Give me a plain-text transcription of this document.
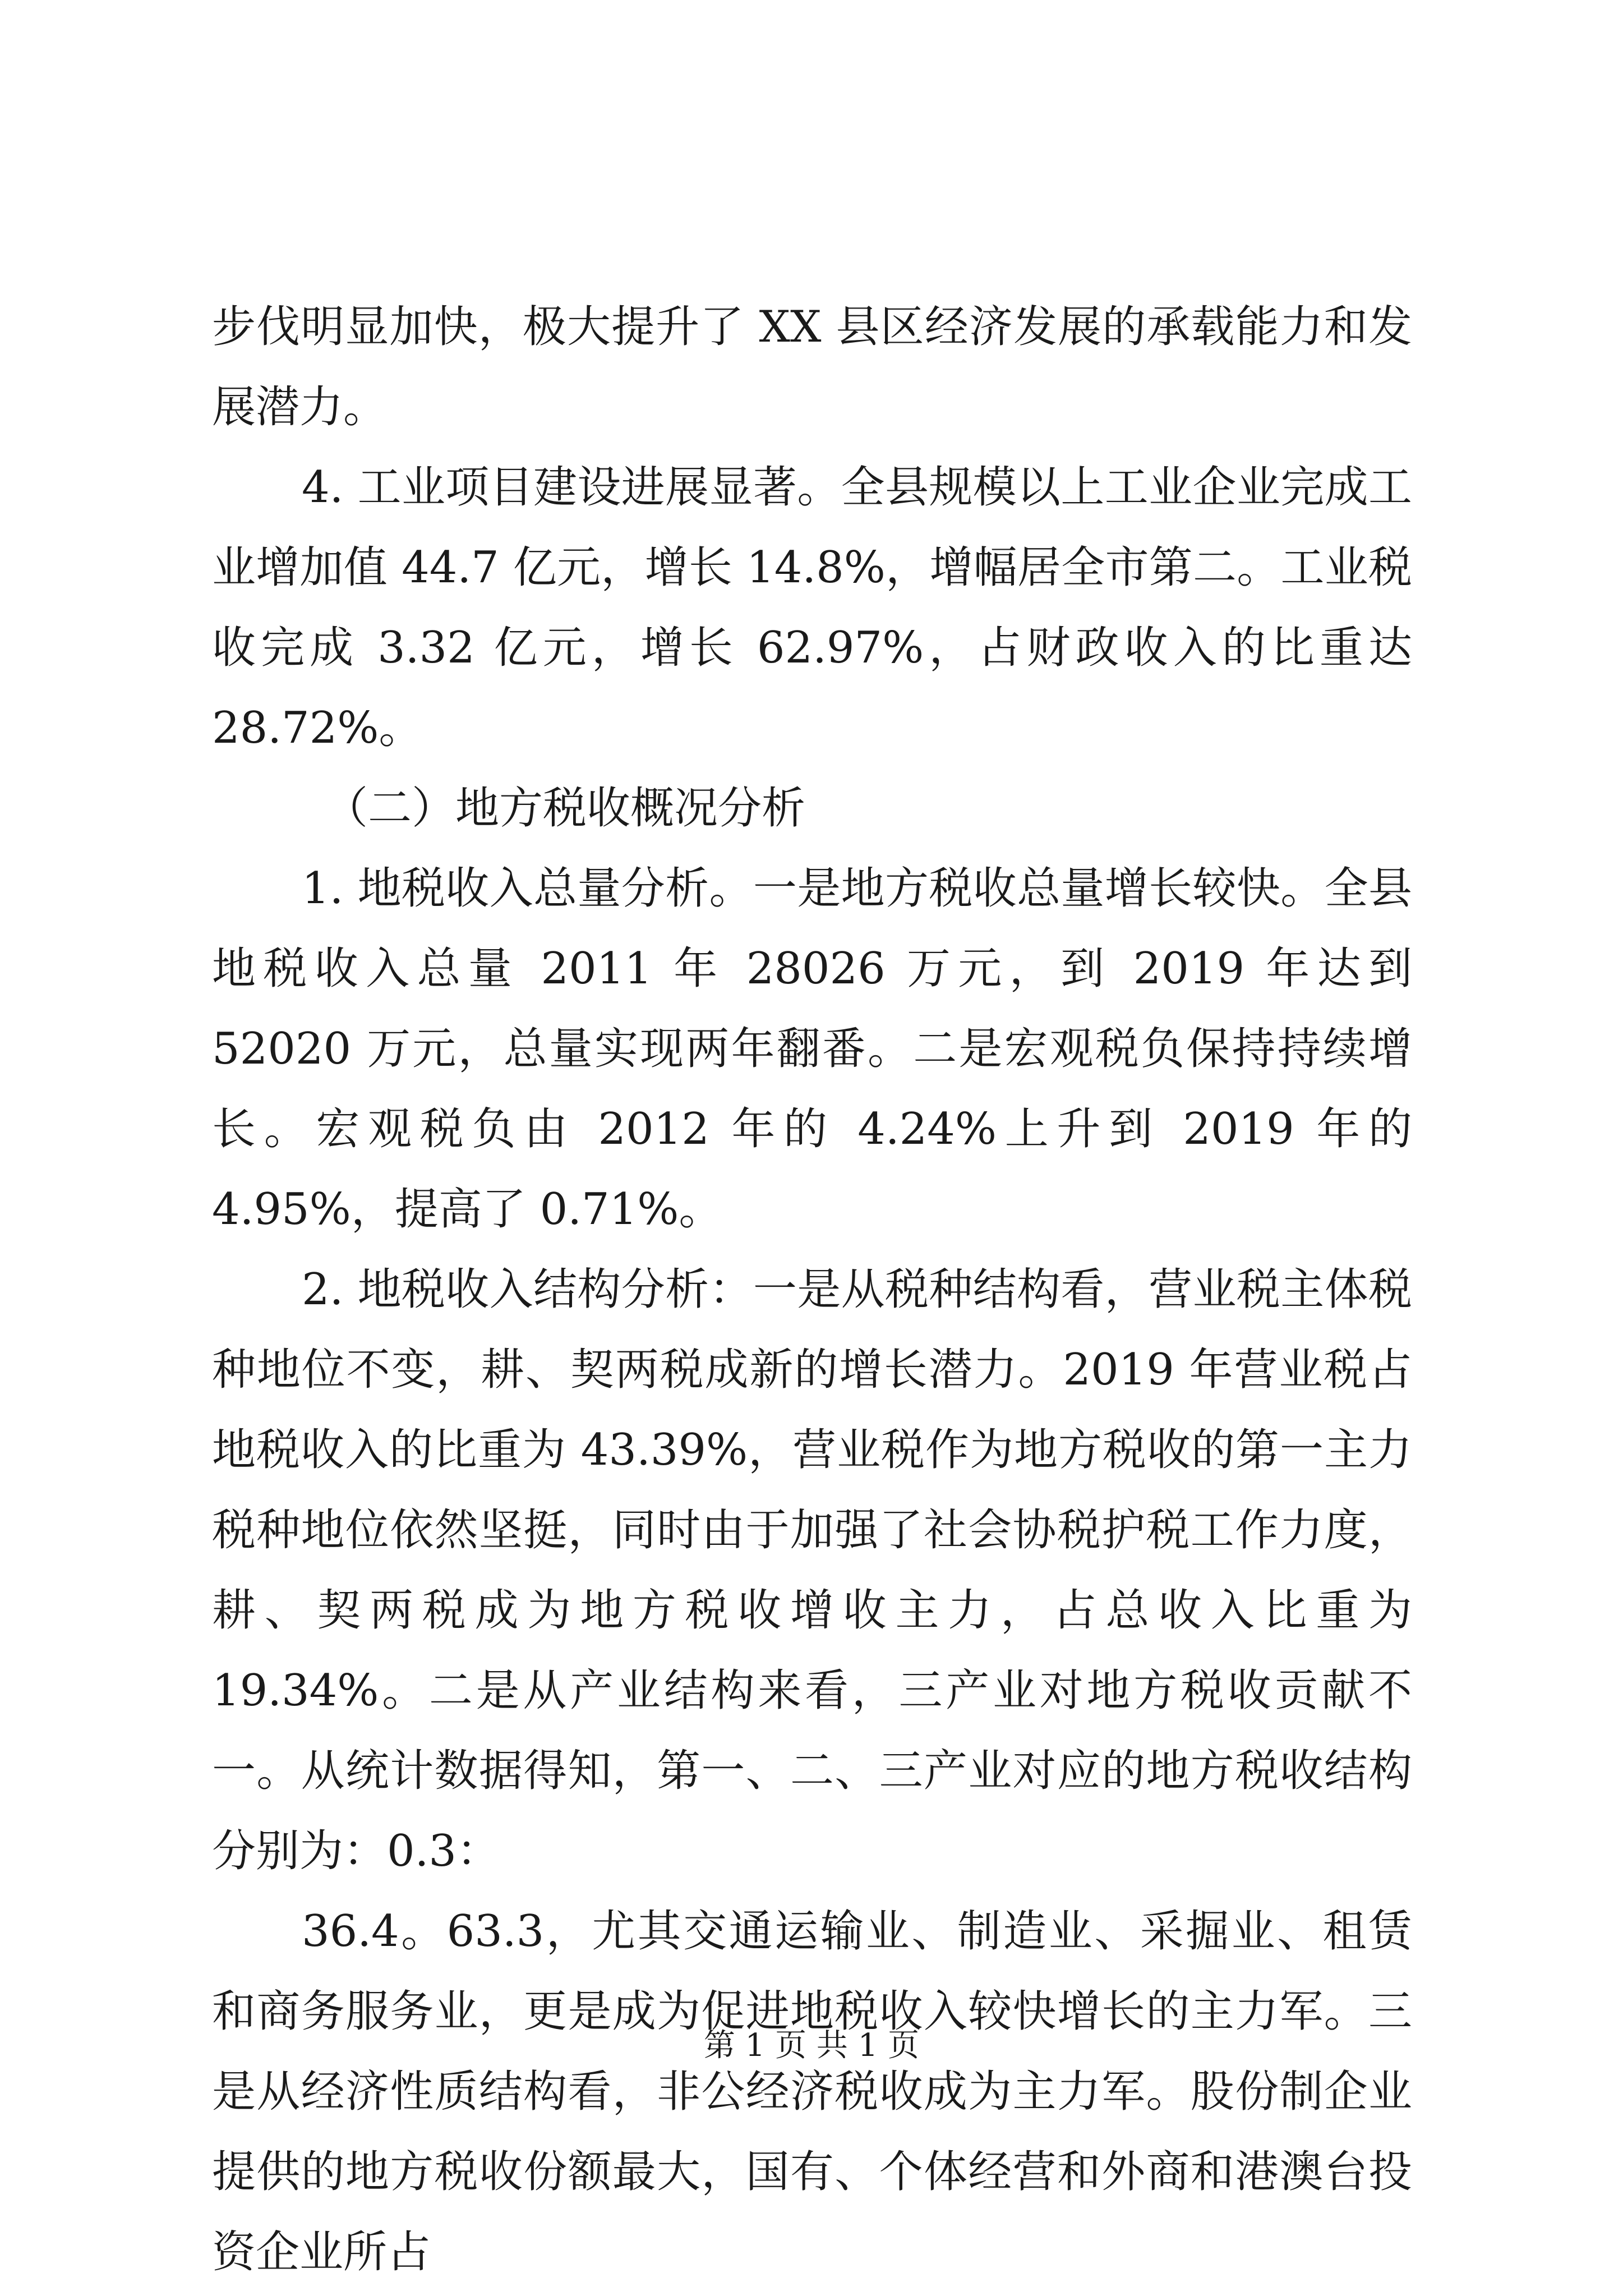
步伐明显加快，极大提升了 XX 县区经济发展的承载能力和发展潜力。

4. 工业项目建设进展显著。全县规模以上工业企业完成工业增加值 44.7 亿元，增长 14.8%，增幅居全市第二。工业税收完成 3.32 亿元，增长 62.97%，占财政收入的比重达 28.72%。

（二）地方税收概况分析

1. 地税收入总量分析。一是地方税收总量增长较快。全县地税收入总量 2011 年 28026 万元，到 2019 年达到 52020 万元，总量实现两年翻番。二是宏观税负保持持续增长。宏观税负由 2012 年的 4.24%上升到 2019 年的 4.95%，提高了 0.71%。

2. 地税收入结构分析：一是从税种结构看，营业税主体税种地位不变，耕、契两税成新的增长潜力。2019 年营业税占地税收入的比重为 43.39%，营业税作为地方税收的第一主力税种地位依然坚挺，同时由于加强了社会协税护税工作力度，耕、契两税成为地方税收增收主力，占总收入比重为 19.34%。二是从产业结构来看，三产业对地方税收贡献不一。从统计数据得知，第一、二、三产业对应的地方税收结构分别为：0.3：

36.4。63.3，尤其交通运输业、制造业、采掘业、租赁和商务服务业，更是成为促进地税收入较快增长的主力军。三是从经济性质结构看，非公经济税收成为主力军。股份制企业提供的地方税收份额最大，国有、个体经营和外商和港澳台投资企业所占

第 1 页 共 1 页
